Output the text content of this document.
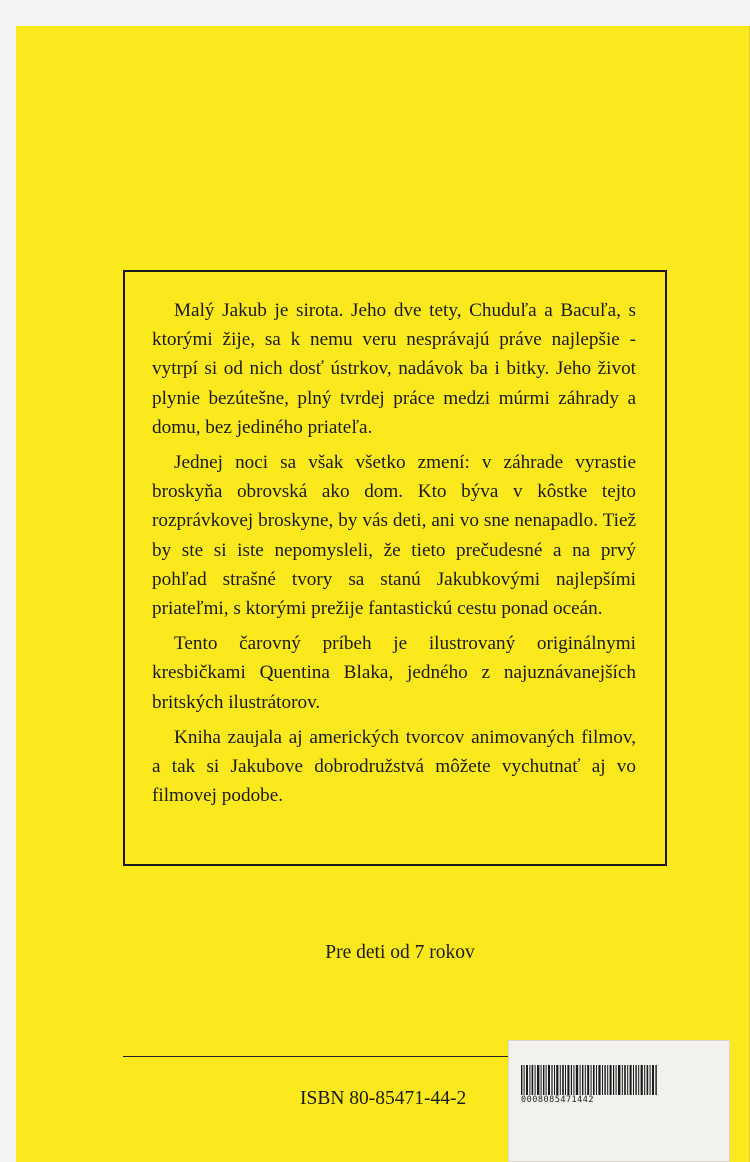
Malý Jakub je sirota. Jeho dve tety, Chuduľa a Bacuľa, s ktorými žije, sa k nemu veru nesprávajú práve najlepšie - vytrpí si od nich dosť ústrkov, nadávok ba i bitky. Jeho život plynie bezútešne, plný tvrdej práce medzi múrmi záhrady a domu, bez jediného priateľa.

Jednej noci sa však všetko zmení: v záhrade vyrastie broskyňa obrovská ako dom. Kto býva v kôstke tejto rozprávkovej broskyne, by vás deti, ani vo sne nenapadlo. Tiež by ste si iste nepomysleli, že tieto prečudesné a na prvý pohľad strašné tvory sa stanú Jakubkovými najlepšími priateľmi, s ktorými prežije fantastickú cestu ponad oceán.

Tento čarovný príbeh je ilustrovaný originálnymi kresbičkami Quentina Blaka, jedného z najuznávanejších britských ilustrátorov.

Kniha zaujala aj amerických tvorcov animovaných filmov, a tak si Jakubove dobrodružstvá môžete vychutnať aj vo filmovej podobe.

Pre deti od 7 rokov
ISBN 80-85471-44-2	0008085471442
